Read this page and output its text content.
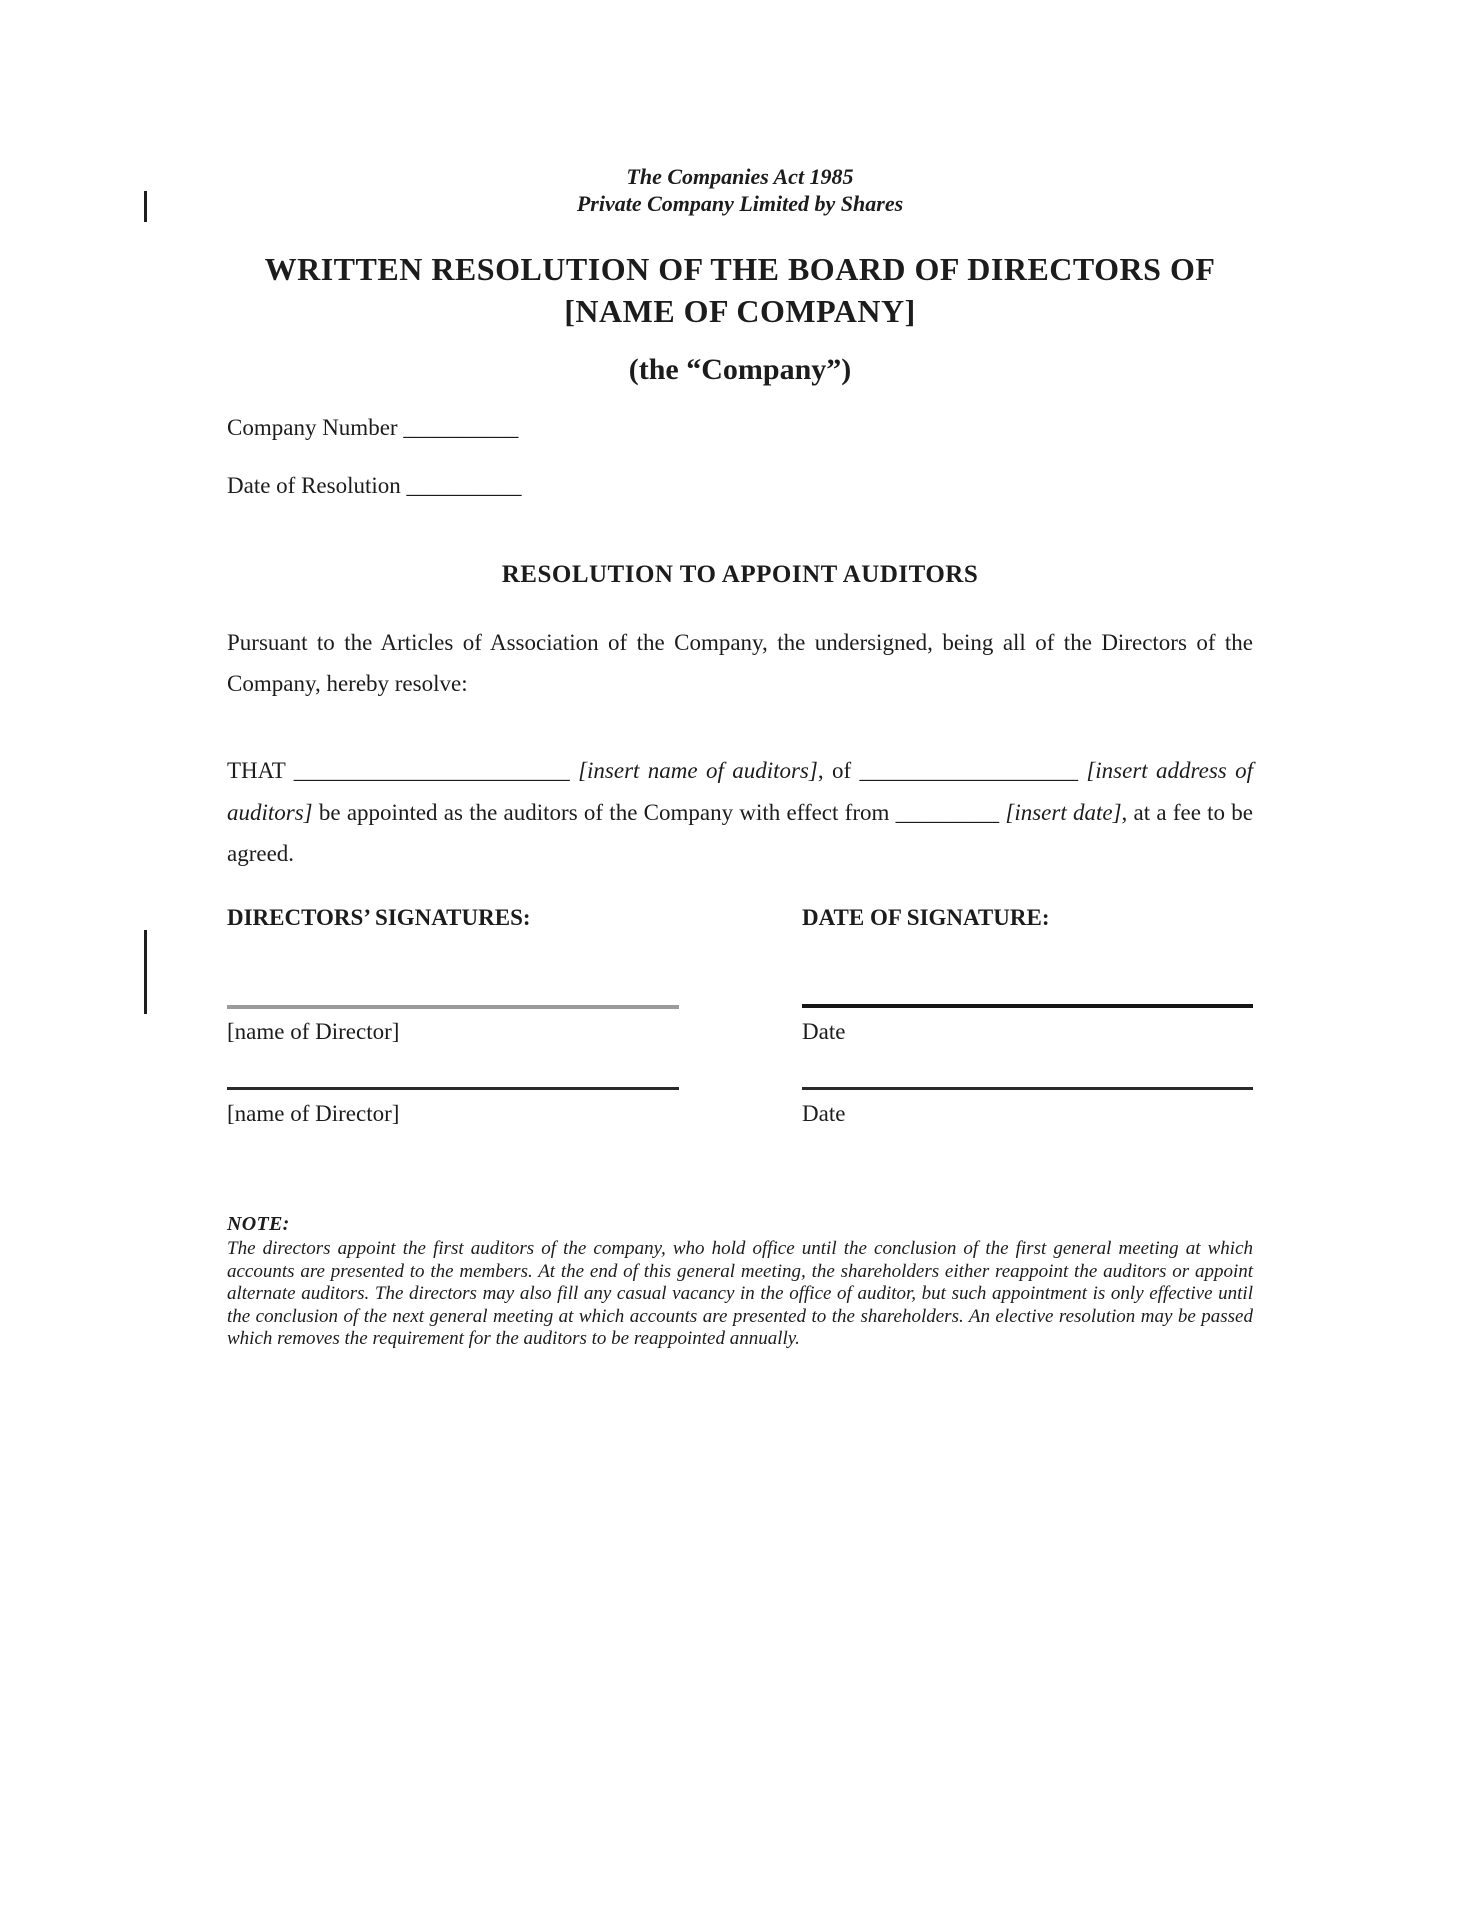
The Companies Act 1985
Private Company Limited by Shares
WRITTEN RESOLUTION OF THE BOARD OF DIRECTORS OF
[NAME OF COMPANY]
(the “Company”)
Company Number __________
Date of Resolution __________
RESOLUTION TO APPOINT AUDITORS
Pursuant to the Articles of Association of the Company, the undersigned, being all of the Directors of the Company, hereby resolve:
THAT ________________________ [insert name of auditors], of ___________________ [insert address of auditors] be appointed as the auditors of the Company with effect from _________ [insert date], at a fee to be agreed.
DIRECTORS’ SIGNATURES:	DATE OF SIGNATURE:
[name of Director]	Date
[name of Director]	Date
NOTE:
The directors appoint the first auditors of the company, who hold office until the conclusion of the first general meeting at which accounts are presented to the members. At the end of this general meeting, the shareholders either reappoint the auditors or appoint alternate auditors. The directors may also fill any casual vacancy in the office of auditor, but such appointment is only effective until the conclusion of the next general meeting at which accounts are presented to the shareholders. An elective resolution may be passed which removes the requirement for the auditors to be reappointed annually.
